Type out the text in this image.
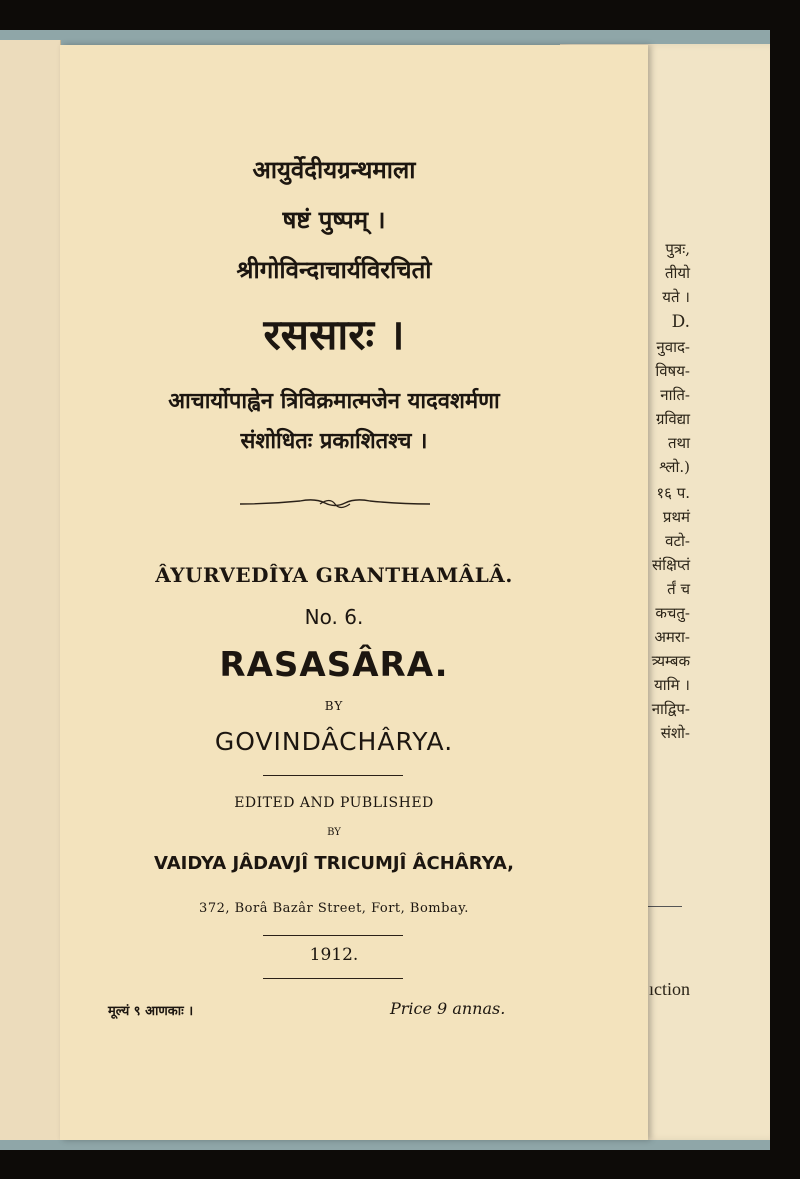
पुत्रः,
तीयो
यते ।
D.
नुवाद-
विषय-
नाति-
ग्रविद्या
तथा
श्लो.)
१६ प.
प्रथमं
वटो-
संक्षिप्तं
र्तं च
कचतु-
अमरा-
त्र्यम्बक
यामि ।
नाद्विप-
संशो-
ıction
आयुर्वेदीयग्रन्थमाला
षष्टं पुष्पम् ।
श्रीगोविन्दाचार्यविरचितो
रससारः ।
आचार्योपाह्वेन त्रिविक्रमात्मजेन यादवशर्मणा
संशोधितः प्रकाशितश्च ।
ÂYURVEDÎYA GRANTHAMÂLÂ.
No. 6.
RASASÂRA.
BY
GOVINDÂCHÂRYA.
EDITED AND PUBLISHED
BY
VAIDYA JÂDAVJÎ TRICUMJÎ ÂCHÂRYA,
372, Borâ Bazâr Street, Fort, Bombay.
1912.
मूल्यं ९ आणकाः ।	Price 9 annas.
